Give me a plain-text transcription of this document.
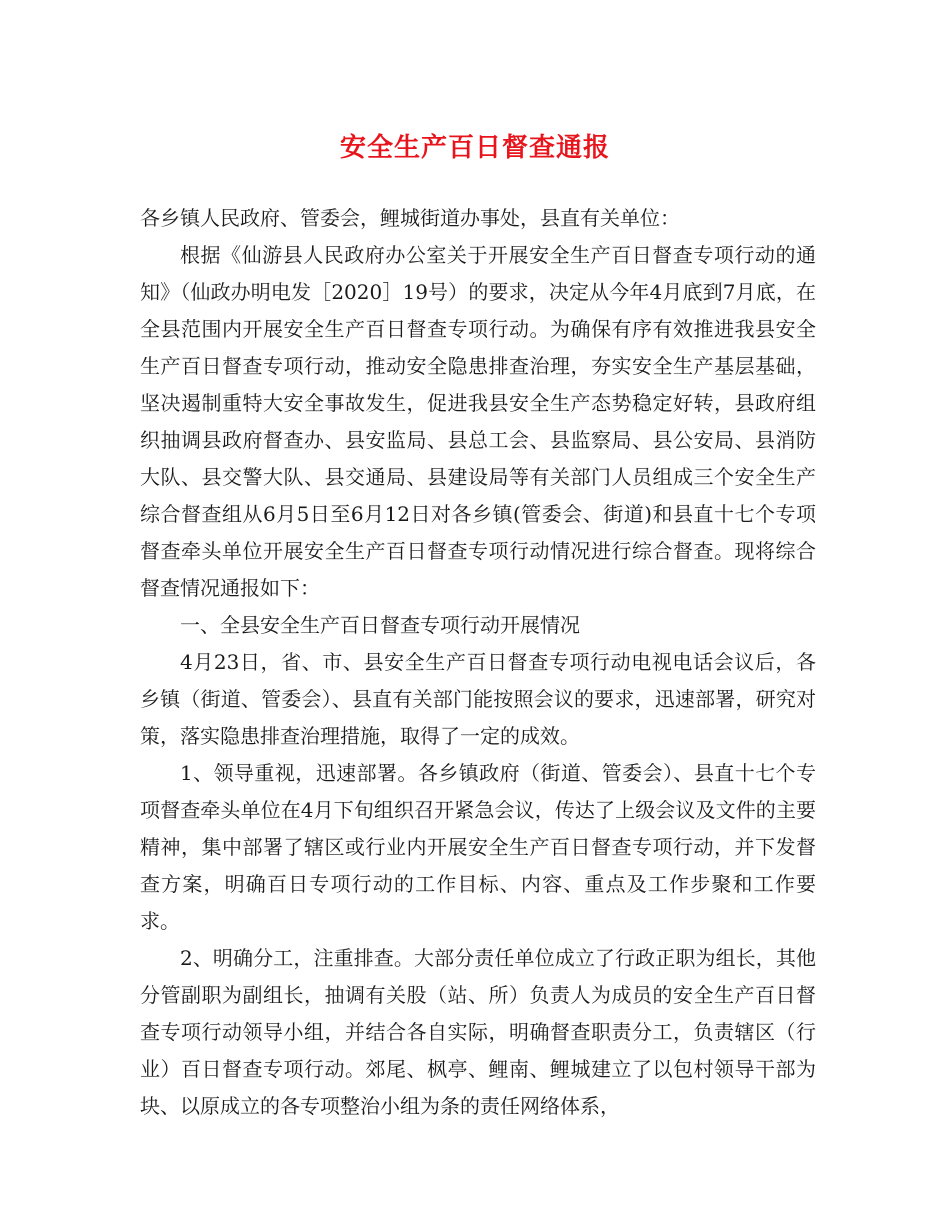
安全生产百日督查通报

各乡镇人民政府、管委会，鲤城街道办事处，县直有关单位：

根据《仙游县人民政府办公室关于开展安全生产百日督查专项行动的通知》（仙政办明电发［2020］19号）的要求，决定从今年4月底到7月底，在全县范围内开展安全生产百日督查专项行动。为确保有序有效推进我县安全生产百日督查专项行动，推动安全隐患排查治理，夯实安全生产基层基础，坚决遏制重特大安全事故发生，促进我县安全生产态势稳定好转，县政府组织抽调县政府督查办、县安监局、县总工会、县监察局、县公安局、县消防大队、县交警大队、县交通局、县建设局等有关部门人员组成三个安全生产综合督查组从6月5日至6月12日对各乡镇(管委会、街道)和县直十七个专项督查牵头单位开展安全生产百日督查专项行动情况进行综合督查。现将综合督查情况通报如下：

一、全县安全生产百日督查专项行动开展情况

4月23日，省、市、县安全生产百日督查专项行动电视电话会议后，各乡镇（街道、管委会）、县直有关部门能按照会议的要求，迅速部署，研究对策，落实隐患排查治理措施，取得了一定的成效。

1、领导重视，迅速部署。各乡镇政府（街道、管委会）、县直十七个专项督查牵头单位在4月下旬组织召开紧急会议，传达了上级会议及文件的主要精神，集中部署了辖区或行业内开展安全生产百日督查专项行动，并下发督查方案，明确百日专项行动的工作目标、内容、重点及工作步聚和工作要求。

2、明确分工，注重排查。大部分责任单位成立了行政正职为组长，其他分管副职为副组长，抽调有关股（站、所）负责人为成员的安全生产百日督查专项行动领导小组，并结合各自实际，明确督查职责分工，负责辖区（行业）百日督查专项行动。郊尾、枫亭、鲤南、鲤城建立了以包村领导干部为块、以原成立的各专项整治小组为条的责任网络体系，
